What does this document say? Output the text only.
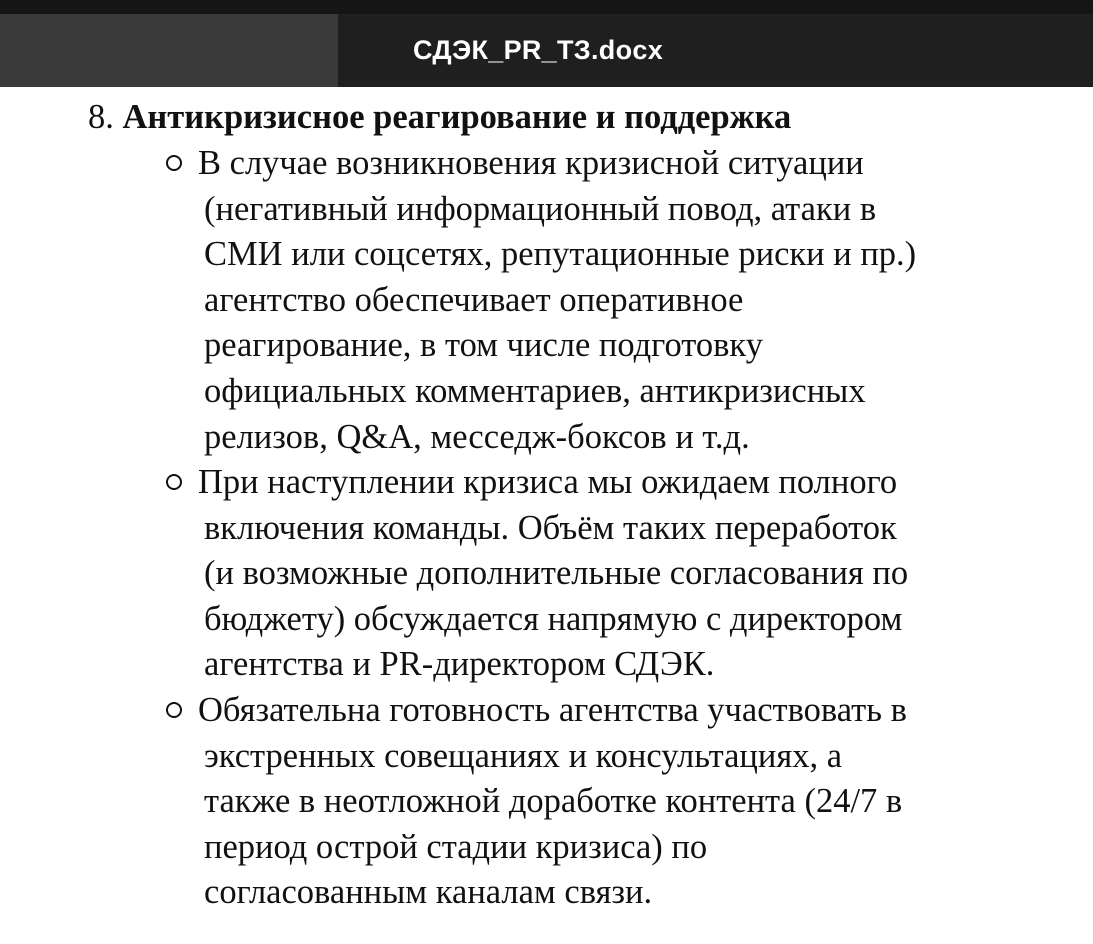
СДЭК_PR_ТЗ.docx
8. Антикризисное реагирование и поддержка
В случае возникновения кризисной ситуации
(негативный информационный повод, атаки в
СМИ или соцсетях, репутационные риски и пр.)
агентство обеспечивает оперативное
реагирование, в том числе подготовку
официальных комментариев, антикризисных
релизов, Q&A, месседж-боксов и т.д.
При наступлении кризиса мы ожидаем полного
включения команды. Объём таких переработок
(и возможные дополнительные согласования по
бюджету) обсуждается напрямую с директором
агентства и PR-директором СДЭК.
Обязательна готовность агентства участвовать в
экстренных совещаниях и консультациях, а
также в неотложной доработке контента (24/7 в
период острой стадии кризиса) по
согласованным каналам связи.
